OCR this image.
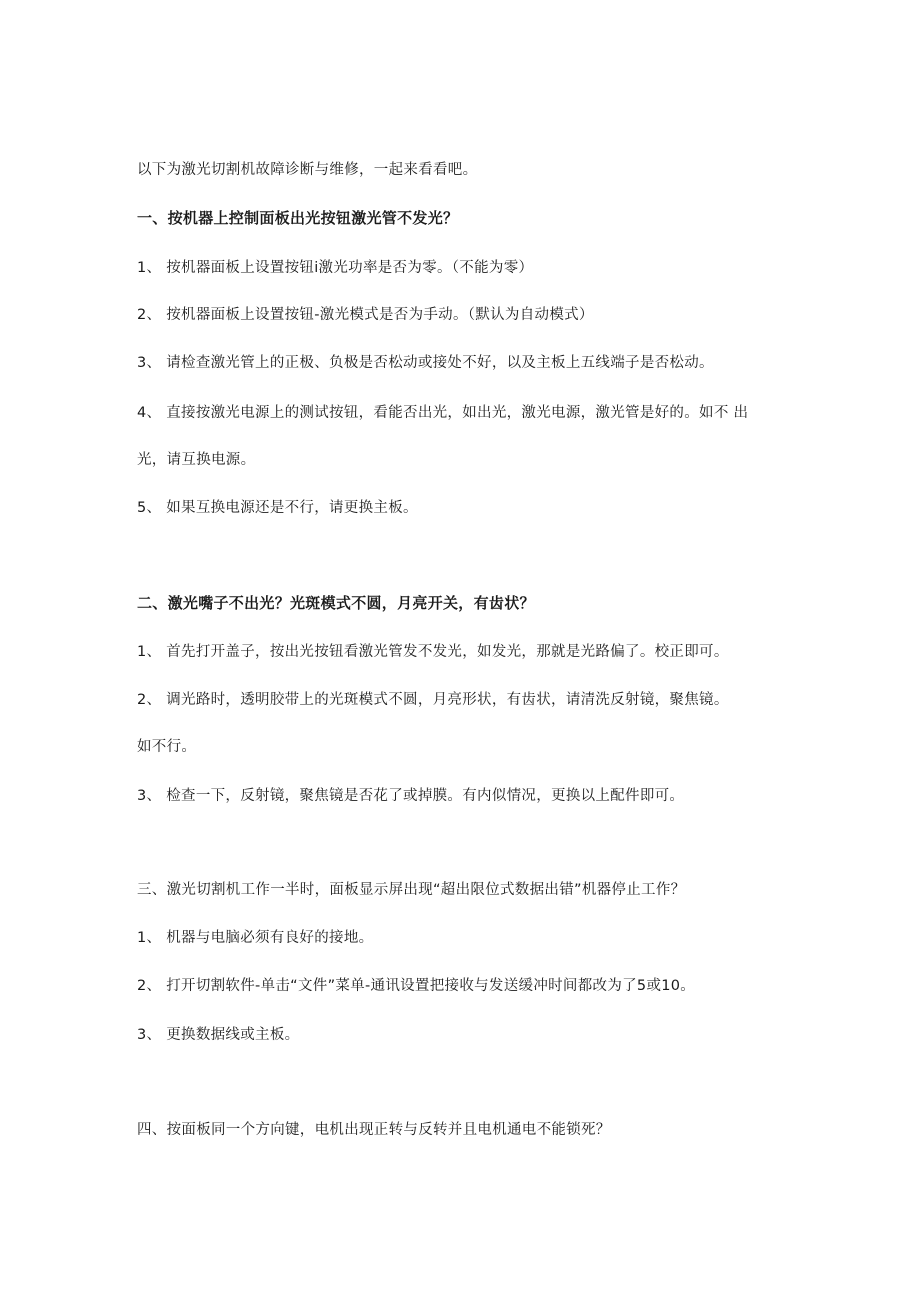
以下为激光切割机故障诊断与维修，一起来看看吧。
一、按机器上控制面板出光按钮激光管不发光？
1、 按机器面板上设置按钮i激光功率是否为零。（不能为零）
2、 按机器面板上设置按钮-激光模式是否为手动。（默认为自动模式）
3、 请检查激光管上的正极、负极是否松动或接处不好，以及主板上五线端子是否松动。
4、 直接按激光电源上的测试按钮，看能否出光，如出光，激光电源，激光管是好的。如不 出
光，请互换电源。
5、 如果互换电源还是不行，请更换主板。
二、激光嘴子不出光？光斑模式不圆，月亮开关，有齿状？
1、 首先打开盖子，按出光按钮看激光管发不发光，如发光，那就是光路偏了。校正即可。
2、 调光路时，透明胶带上的光斑模式不圆，月亮形状，有齿状，请清洗反射镜，聚焦镜。
如不行。
3、 检查一下，反射镜，聚焦镜是否花了或掉膜。有内似情况，更换以上配件即可。
三、激光切割机工作一半时，面板显示屏出现“超出限位式数据出错”机器停止工作？
1、 机器与电脑必须有良好的接地。
2、 打开切割软件-单击“文件”菜单-通讯设置把接收与发送缓冲时间都改为了5或10。
3、 更换数据线或主板。
四、按面板同一个方向键，电机出现正转与反转并且电机通电不能锁死？
